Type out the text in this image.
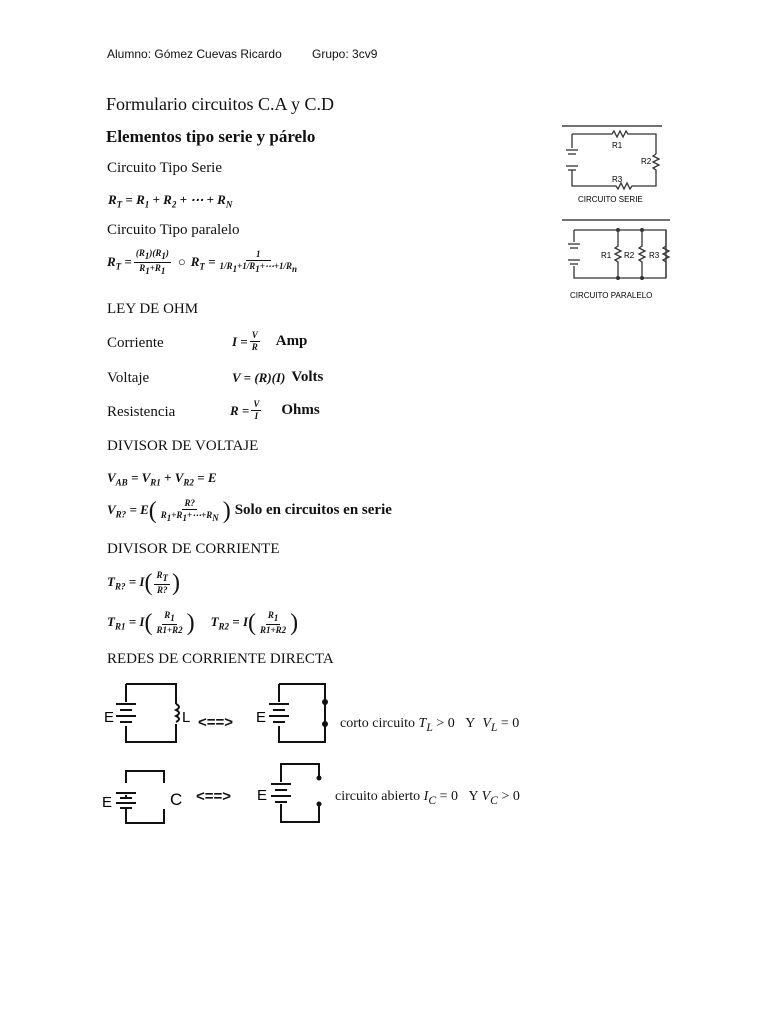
Alumno: Gómez Cuevas Ricardo	Grupo: 3cv9
Formulario circuitos C.A y C.D
Elementos tipo serie y párelo
Circuito Tipo Serie
$R_T = R_1 + R_2$ + ⋯ + $R_N$
Circuito Tipo paralelo
$R_T = \frac{(R_1)(R_1)}{R_1+R_1}$ ○ $R_T = \frac{1}{1/R_1+1/R_1+\cdots+1/R_n}$
LEY DE OHM
Corriente	$I = \frac{V}{R}$ Amp
Voltaje	V = (R)(I) Volts
Resistencia	$R = \frac{V}{I}$ Ohms
DIVISOR DE VOLTAJE
$V_{AB} = V_{R1} + V_{R2} = E$
$V_{R?} = E$ ( $\frac{R?}{R_1+R_1+\cdots+R_N}$ ) Solo en circuitos en serie
DIVISOR DE CORRIENTE
$T_{R?} = I$ ( $\frac{R_T}{R?}$ )
$T_{R1} = I$ ( $\frac{R_1}{R1+R2}$ ) $T_{R2} = I$ ( $\frac{R_1}{R1+R2}$ )
REDES DE CORRIENTE DIRECTA
E	L <==> E	corto circuito $T_L > 0$   Y $V_L = 0$
E	C <==> E	circuito abierto $I_C = 0$   Y $V_C > 0$
R1
R2
R3
CIRCUITO SERIE
R1 R2 R3
CIRCUITO PARALELO
